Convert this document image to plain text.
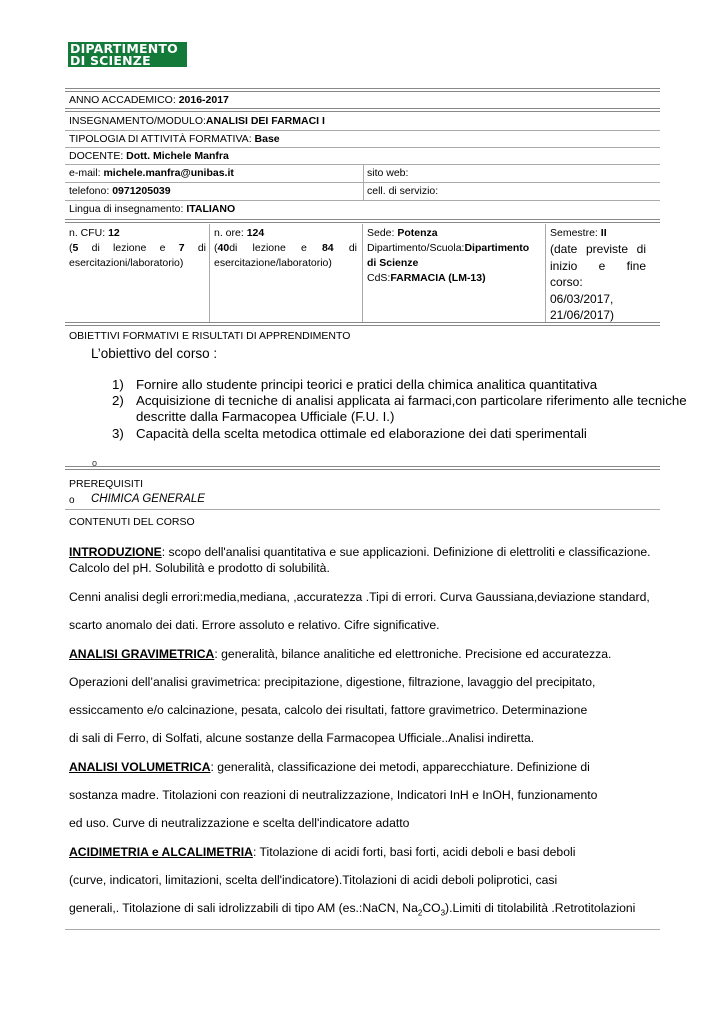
DIPARTIMENTO
DI SCIENZE
ANNO ACCADEMICO: 2016-2017
INSEGNAMENTO/MODULO:ANALISI DEI FARMACI I
TIPOLOGIA DI ATTIVITÀ FORMATIVA: Base
DOCENTE: Dott. Michele Manfra
e-mail: michele.manfra@unibas.it	sito web:
telefono: 0971205039	cell. di servizio:
Lingua di insegnamento: ITALIANO
n. CFU: 12
(5 di lezione e 7 di
esercitazioni/laboratorio)
n. ore: 124
(40di lezione e 84 di
esercitazione/laboratorio)
Sede: Potenza
Dipartimento/Scuola:Dipartimento
di Scienze
CdS:FARMACIA (LM-13)
Semestre: II
(date previste di
inizio e fine
corso:
06/03/2017,
21/06/2017)
OBIETTIVI FORMATIVI E RISULTATI DI APPRENDIMENTO
L’obiettivo del corso :
1) Fornire allo studente principi teorici e pratici della chimica analitica quantitativa
2) Acquisizione di tecniche di analisi applicata ai farmaci,con particolare riferimento alle tecniche
descritte dalla Farmacopea Ufficiale (F.U. I.)
3) Capacità della scelta metodica ottimale ed elaborazione dei dati sperimentali
o
PREREQUISITI
o CHIMICA GENERALE
CONTENUTI DEL CORSO
INTRODUZIONE: scopo dell'analisi quantitativa e sue applicazioni. Definizione di elettroliti e classificazione.
Calcolo del pH. Solubilità e prodotto di solubilità.
Cenni analisi degli errori:media,mediana, ,accuratezza .Tipi di errori. Curva Gaussiana,deviazione standard,
scarto anomalo dei dati. Errore assoluto e relativo. Cifre significative.
ANALISI GRAVIMETRICA: generalità, bilance analitiche ed elettroniche. Precisione ed accuratezza.
Operazioni dell’analisi gravimetrica: precipitazione, digestione, filtrazione, lavaggio del precipitato,
essiccamento e/o calcinazione, pesata, calcolo dei risultati, fattore gravimetrico. Determinazione
di sali di Ferro, di Solfati, alcune sostanze della Farmacopea Ufficiale..Analisi indiretta.
ANALISI VOLUMETRICA: generalità, classificazione dei metodi, apparecchiature. Definizione di
sostanza madre. Titolazioni con reazioni di neutralizzazione, Indicatori InH e InOH, funzionamento
ed uso. Curve di neutralizzazione e scelta dell'indicatore adatto
ACIDIMETRIA e ALCALIMETRIA: Titolazione di acidi forti, basi forti, acidi deboli e basi deboli
(curve, indicatori, limitazioni, scelta dell'indicatore).Titolazioni di acidi deboli poliprotici, casi
generali,. Titolazione di sali idrolizzabili di tipo AM (es.:NaCN, $Na_2CO_3).Limiti$ di titolabilità .Retrotitolazioni
